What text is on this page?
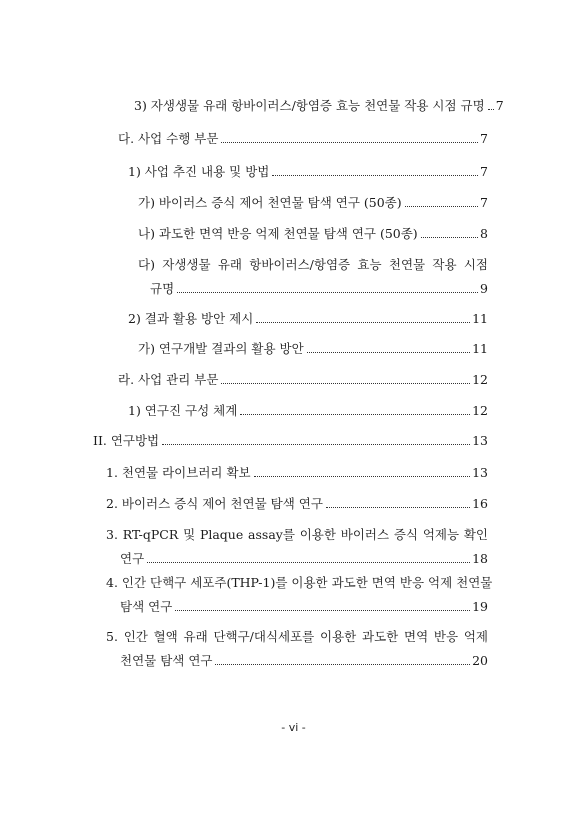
3) 자생생물 유래 항바이러스/항염증 효능 천연물 작용 시점 규명 7
다. 사업 수행 부문	7
1) 사업 추진 내용 및 방법	7
가) 바이러스 증식 제어 천연물 탐색 연구 (50종)	7
나) 과도한 면역 반응 억제 천연물 탐색 연구 (50종)	8
다) 자생생물 유래 항바이러스/항염증 효능 천연물 작용 시점
규명	9
2) 결과 활용 방안 제시	11
가) 연구개발 결과의 활용 방안	11
라. 사업 관리 부문	12
1) 연구진 구성 체계	12
II. 연구방법	13
1. 천연물 라이브러리 확보	13
2. 바이러스 증식 제어 천연물 탐색 연구	16
3. RT-qPCR 및 Plaque assay를 이용한 바이러스 증식 억제능 확인
연구	18
4. 인간 단핵구 세포주(THP-1)를 이용한 과도한 면역 반응 억제 천연물
탐색 연구	19
5. 인간 혈액 유래 단핵구/대식세포를 이용한 과도한 면역 반응 억제
천연물 탐색 연구	20
- vi -
